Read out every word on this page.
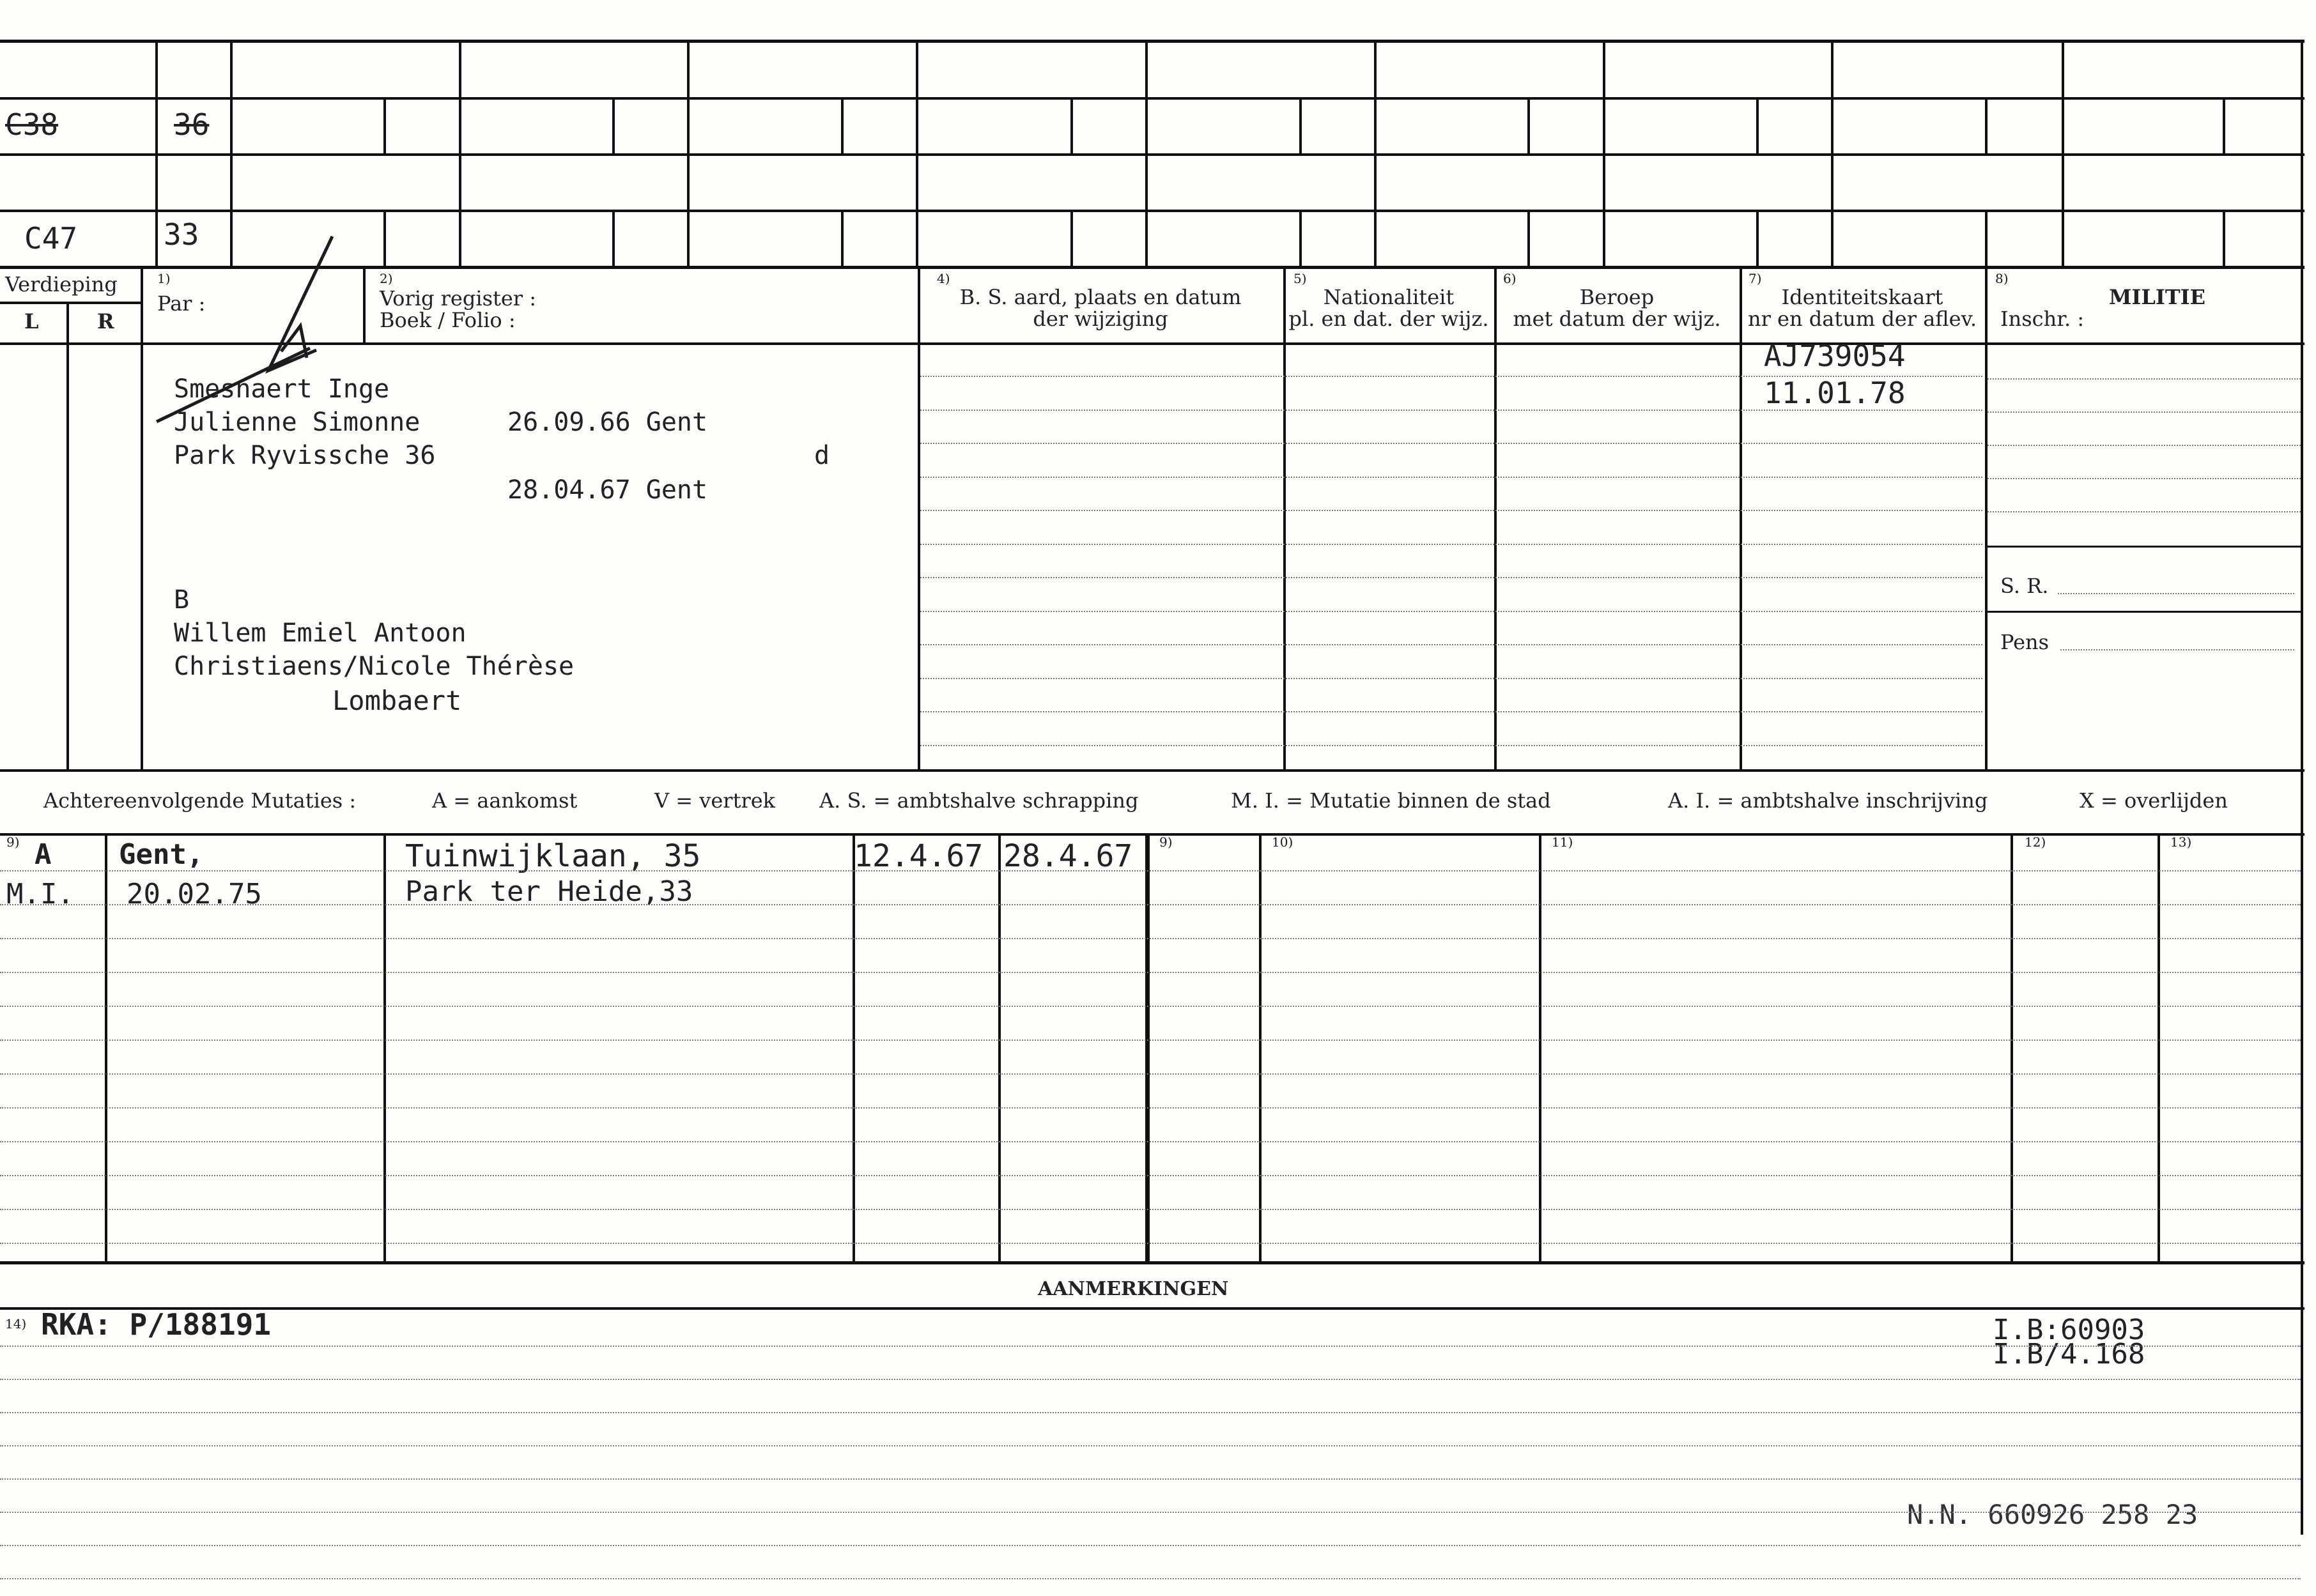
C38	36
C47	33
Verdieping
L	R
1)
Par :
2)
Vorig register :
Boek / Folio :
4)
B. S. aard, plaats en datum
der wijziging
5)
Nationaliteit
pl. en dat. der wijz.
6)
Beroep
met datum der wijz.
7)
Identiteitskaart
nr en datum der aflev.
8)
MILITIE
Inschr. :
Smesnaert Inge
Julienne Simonne	26.09.66 Gent
Park Ryvissche 36	d
28.04.67 Gent
B
Willem Emiel Antoon
Christiaens/Nicole Thérèse
Lombaert
AJ739054
11.01.78
S. R.
Pens
Achtereenvolgende Mutaties :	A = aankomst	V = vertrek A. S. = ambtshalve schrapping	M. I. = Mutatie binnen de stad	A. I. = ambtshalve inschrijving	X = overlijden
9)	9)	10)	11)	12)	13)
A Gent,	Tuinwijklaan, 35	12.4.67 28.4.67
M.I. 20.02.75	Park ter Heide,33
AANMERKINGEN
14) RKA: P/188191	I.B:60903
I.B/4.168
N.N. 660926 258 23
